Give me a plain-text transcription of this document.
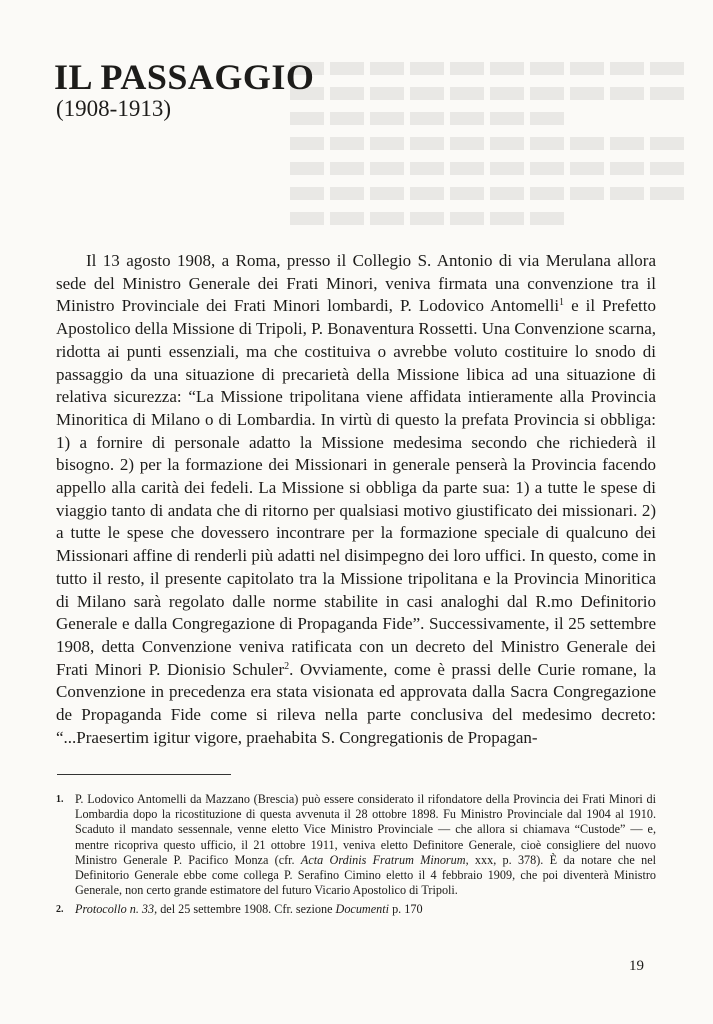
IL PASSAGGIO
(1908-1913)

Il 13 agosto 1908, a Roma, presso il Collegio S. Antonio di via Merulana allora sede del Ministro Generale dei Frati Minori, veniva firmata una convenzione tra il Ministro Provinciale dei Frati Minori lombardi, P. Lodovico Antomelli$^1$ e il Prefetto Apostolico della Missione di Tripoli, P. Bonaventura Rossetti. Una Convenzione scarna, ridotta ai punti essenziali, ma che costituiva o avrebbe voluto costituire lo snodo di passaggio da una situazione di precarietà della Missione libica ad una situazione di relativa sicurezza: “La Missione tripolitana viene affidata intieramente alla Provincia Minoritica di Milano o di Lombardia. In virtù di questo la prefata Provincia si obbliga: 1) a fornire di personale adatto la Missione medesima secondo che richiederà il bisogno. 2) per la formazione dei Missionari in generale penserà la Provincia facendo appello alla carità dei fedeli. La Missione si obbliga da parte sua: 1) a tutte le spese di viaggio tanto di andata che di ritorno per qualsiasi motivo giustificato dei missionari. 2) a tutte le spese che dovessero incontrare per la formazione speciale di qualcuno dei Missionari affine di renderli più adatti nel disimpegno dei loro uffici. In questo, come in tutto il resto, il presente capitolato tra la Missione tripolitana e la Provincia Minoritica di Milano sarà regolato dalle norme stabilite in casi analoghi dal R.mo Definitorio Generale e dalla Congregazione di Propaganda Fide”. Successivamente, il 25 settembre 1908, detta Convenzione veniva ratificata con un decreto del Ministro Generale dei Frati Minori P. Dionisio Schuler$^2$. Ovviamente, come è prassi delle Curie romane, la Convenzione in precedenza era stata visionata ed approvata dalla Sacra Congregazione de Propaganda Fide come si rileva nella parte conclusiva del medesimo decreto: “...Praesertim igitur vigore, praehabita S. Congregationis de Propagan-

1. P. Lodovico Antomelli da Mazzano (Brescia) può essere considerato il rifondatore della Provincia dei Frati Minori di Lombardia dopo la ricostituzione di questa avvenuta il 28 ottobre 1898. Fu Ministro Provinciale dal 1904 al 1910. Scaduto il mandato sessennale, venne eletto Vice Ministro Provinciale — che allora si chiamava “Custode” — e, mentre ricopriva questo ufficio, il 21 ottobre 1911, veniva eletto Definitore Generale, cioè consigliere del nuovo Ministro Generale P. Pacifico Monza (cfr. Acta Ordinis Fratrum Minorum, xxx, p. 378). È da notare che nel Definitorio Generale ebbe come collega P. Serafino Cimino eletto il 4 febbraio 1909, che poi diventerà Ministro Generale, non certo grande estimatore del futuro Vicario Apostolico di Tripoli.
2. Protocollo n. 33, del 25 settembre 1908. Cfr. sezione Documenti p. 170
19
